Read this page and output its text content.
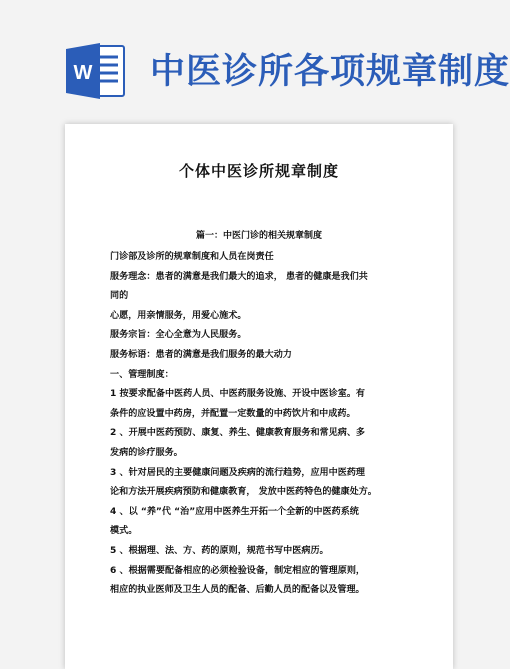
W 中医诊所各项规章制度
个体中医诊所规章制度
篇一：中医门诊的相关规章制度

门诊部及诊所的规章制度和人员在岗责任

服务理念：患者的满意是我们最大的追求， 患者的健康是我们共

同的

心愿，用亲情服务，用爱心施术。

服务宗旨：全心全意为人民服务。

服务标语：患者的满意是我们服务的最大动力

一、管理制度：

1 按要求配备中医药人员、中医药服务设施、开设中医诊室。有

条件的应设置中药房，并配置一定数量的中药饮片和中成药。

2 、开展中医药预防、康复、养生、健康教育服务和常见病、多

发病的诊疗服务。

3 、针对居民的主要健康问题及疾病的流行趋势，应用中医药理

论和方法开展疾病预防和健康教育， 发放中医药特色的健康处方。

4 、以 “养”代 “治”应用中医养生开拓一个全新的中医药系统

模式。

5 、根据理、法、方、药的原则，规范书写中医病历。

6 、根据需要配备相应的必须检验设备，制定相应的管理原则，

相应的执业医师及卫生人员的配备、后勤人员的配备以及管理。
